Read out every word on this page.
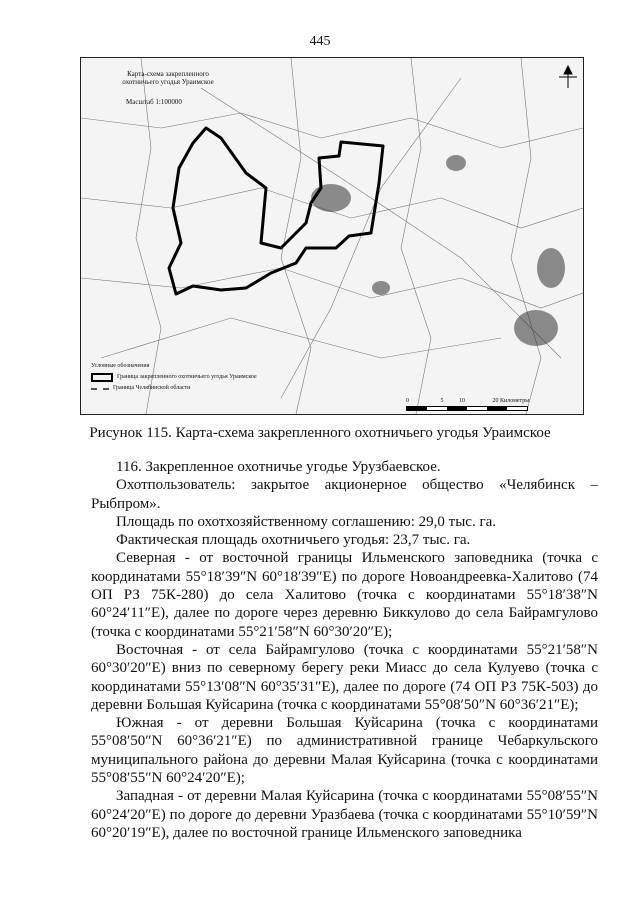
445
Карта-схема закрепленного охотничьего угодья Ураимское
Масштаб 1:100000
Условные обозначения
Граница закрепленного охотничьего угодья Ураимское
Граница Челябинской области
0	5	10	20 Километры
Рисунок 115. Карта-схема закрепленного охотничьего угодья Ураимское

116. Закрепленное охотничье угодье Урузбаевское.

Охотпользователь: закрытое акционерное общество «Челябинск – Рыбпром».

Площадь по охотхозяйственному соглашению: 29,0 тыс. га.

Фактическая площадь охотничьего угодья: 23,7 тыс. га.

Северная - от восточной границы Ильменского заповедника (точка с координатами 55°18′39″N 60°18′39″E) по дороге Новоандреевка-Халитово (74 ОП РЗ 75К-280) до села Халитово (точка с координатами 55°18′38″N 60°24′11″E), далее по дороге через деревню Биккулово до села Байрамгулово (точка с координатами 55°21′58″N 60°30′20″E);

Восточная - от села Байрамгулово (точка с координатами 55°21′58″N 60°30′20″E) вниз по северному берегу реки Миасс до села Кулуево (точка с координатами 55°13′08″N 60°35′31″E), далее по дороге (74 ОП РЗ 75К-503) до деревни Большая Куйсарина (точка с координатами 55°08′50″N 60°36′21″E);

Южная - от деревни Большая Куйсарина (точка с координатами 55°08′50″N 60°36′21″E) по административной границе Чебаркульского муниципального района до деревни Малая Куйсарина (точка с координатами 55°08′55″N 60°24′20″E);

Западная - от деревни Малая Куйсарина (точка с координатами 55°08′55″N 60°24′20″E) по дороге до деревни Уразбаева (точка с координатами 55°10′59″N 60°20′19″E), далее по восточной границе Ильменского заповедника
